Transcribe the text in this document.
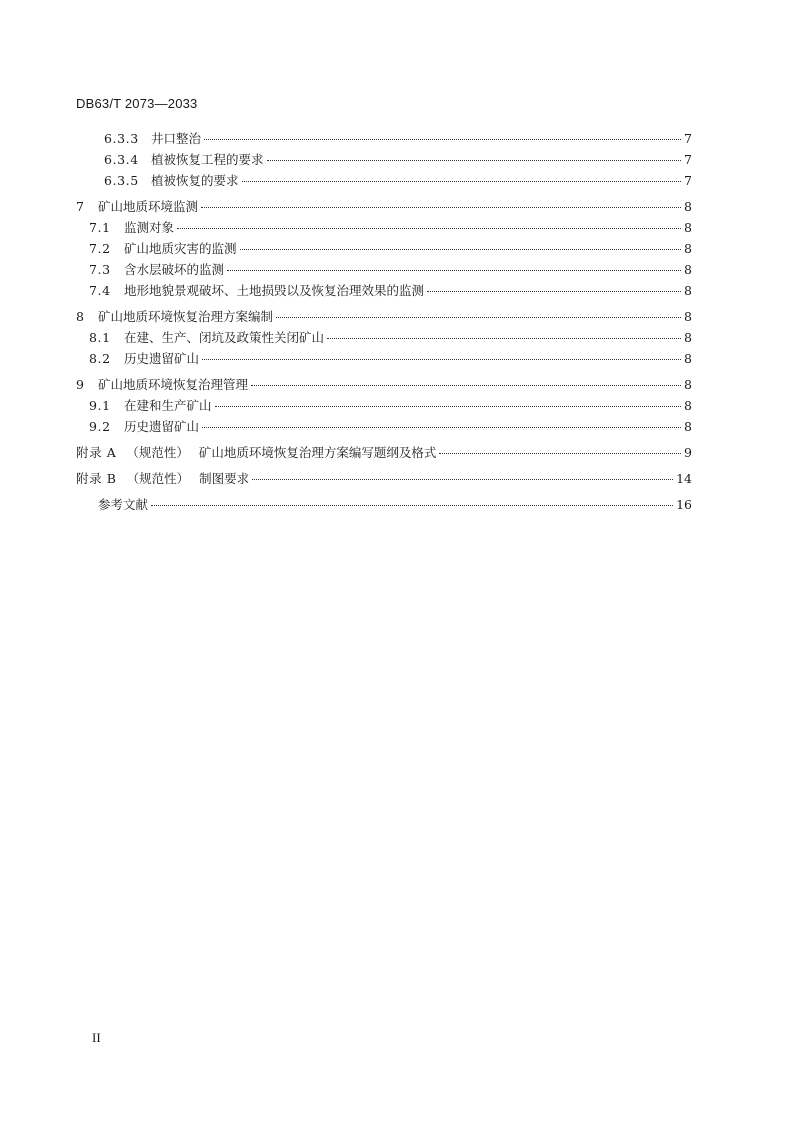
DB63/T 2073—2033
6.3.3 井口整治	7
6.3.4 植被恢复工程的要求	7
6.3.5 植被恢复的要求	7
7	矿山地质环境监测	8
7.1	监测对象	8
7.2	矿山地质灾害的监测	8
7.3	含水层破坏的监测	8
7.4	地形地貌景观破坏、土地损毁以及恢复治理效果的监测	8
8	矿山地质环境恢复治理方案编制	8
8.1	在建、生产、闭坑及政策性关闭矿山	8
8.2	历史遗留矿山	8
9	矿山地质环境恢复治理管理	8
9.1	在建和生产矿山	8
9.2	历史遗留矿山	8
附录 A （规范性） 矿山地质环境恢复治理方案编写题纲及格式	9
附录 B （规范性） 制图要求	14
参考文献	16
II
